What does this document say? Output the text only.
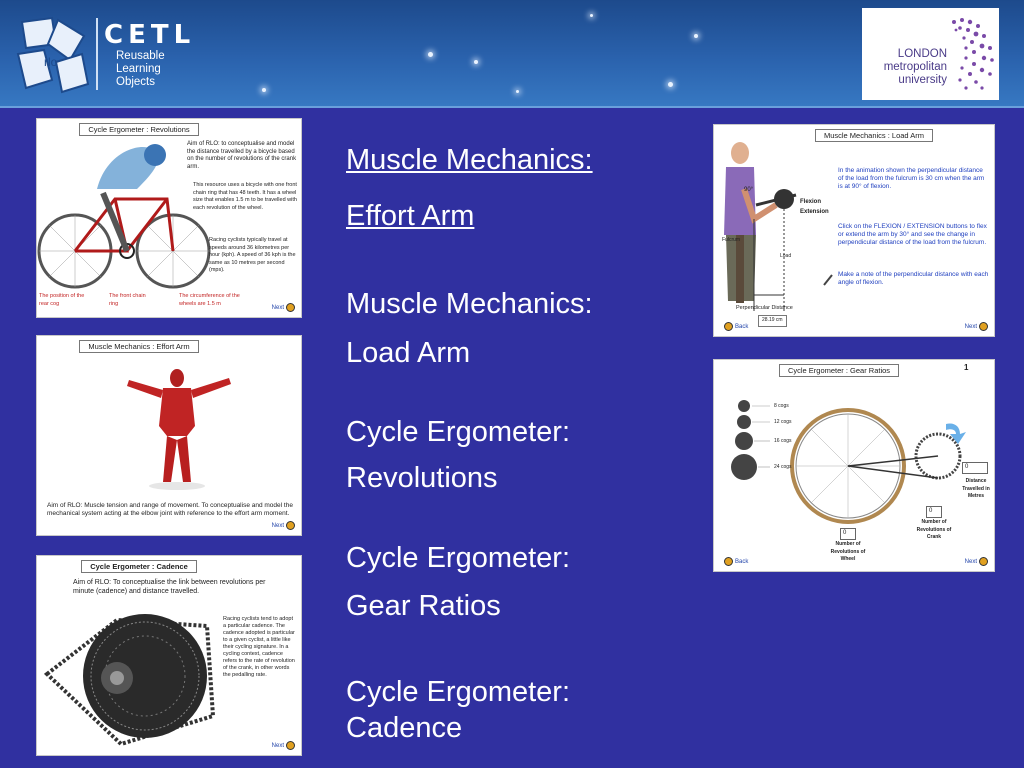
rlo
CETL
Reusable
Learning
Objects
LONDON
metropolitan
university
Cycle Ergometer : Revolutions
Aim of RLO: to conceptualise and model the distance travelled by a bicycle based on the number of revolutions of the crank arm.
This resource uses a bicycle with one front chain ring that has 48 teeth. It has a wheel size that enables 1.5 m to be travelled with each revolution of the wheel.
Racing cyclists typically travel at speeds around 36 kilometres per hour (kph). A speed of 36 kph is the same as 10 metres per second (mps).
The position of the rear cog
The front chain ring
The circumference of the wheels are 1.5 m
Next
Muscle Mechanics : Effort Arm
Aim of RLO: Muscle tension and range of movement. To conceptualise and model the mechanical system acting at the elbow joint with reference to the effort arm moment.
Next
Cycle Ergometer : Cadence
Aim of RLO: To conceptualise the link between revolutions per minute (cadence) and distance travelled.
Racing cyclists tend to adopt a particular cadence. The cadence adopted is particular to a given cyclist, a little like their cycling signature. In a cycling context, cadence refers to the rate of revolution of the crank, in other words the pedalling rate.
Next
Muscle Mechanics:
Effort Arm
Muscle Mechanics:
Load Arm
Cycle Ergometer:
Revolutions
Cycle Ergometer:
Gear Ratios
Cycle Ergometer:
Cadence
Muscle Mechanics : Load Arm
Flexion
Extension
90°
Fulcrum
Load
Perpendicular Distance
28.19 cm
In the animation shown the perpendicular distance of the load from the fulcrum is 30 cm when the arm is at 90° of flexion.
Click on the FLEXION / EXTENSION buttons to flex or extend the arm by 30° and see the change in perpendicular distance of the load from the fulcrum.
Make a note of the perpendicular distance with each angle of flexion.
Back	Next
Cycle Ergometer : Gear Ratios	1
8 cogs
12 cogs
16 cogs
24 cogs	0
Distance Travelled in Metres
0
Number of Revolutions of Crank
0
Number of Revolutions of Wheel
Back	Next
